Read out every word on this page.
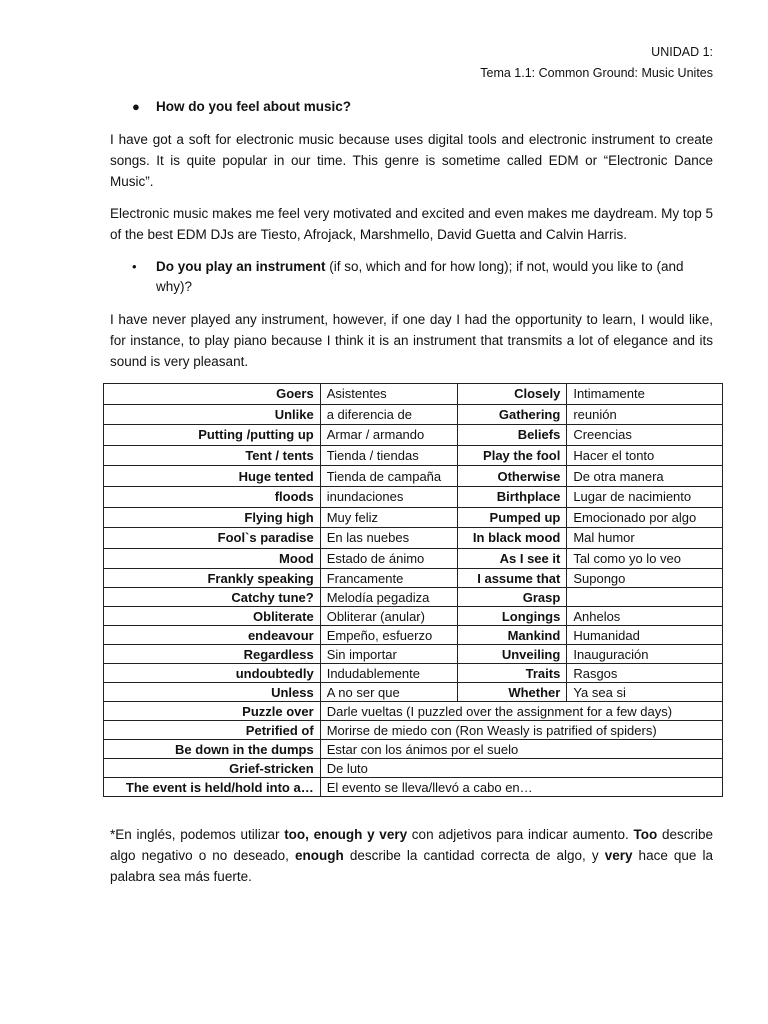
UNIDAD 1:
Tema 1.1: Common Ground: Music Unites
● How do you feel about music?

I have got a soft for electronic music because uses digital tools and electronic instrument to create songs. It is quite popular in our time. This genre is sometime called EDM or “Electronic Dance Music”.

Electronic music makes me feel very motivated and excited and even makes me daydream. My top 5 of the best EDM DJs are Tiesto, Afrojack, Marshmello, David Guetta and Calvin Harris.

• Do you play an instrument (if so, which and for how long); if not, would you like to (and why)?

I have never played any instrument, however, if one day I had the opportunity to learn, I would like, for instance, to play piano because I think it is an instrument that transmits a lot of elegance and its sound is very pleasant.

Goers	Asistentes	Closely	Intimamente
Unlike	a diferencia de	Gathering	reunión
Putting /putting up	Armar / armando	Beliefs	Creencias
Tent / tents	Tienda / tiendas	Play the fool	Hacer el tonto
Huge tented	Tienda de campaña	Otherwise	De otra manera
floods	inundaciones	Birthplace	Lugar de nacimiento
Flying high	Muy feliz	Pumped up	Emocionado por algo
Fool`s paradise	En las nuebes	In black mood	Mal humor
Mood	Estado de ánimo	As I see it	Tal como yo lo veo
Frankly speaking	Francamente	I assume that	Supongo
Catchy tune?	Melodía pegadiza	Grasp	
Obliterate	Obliterar (anular)	Longings	Anhelos
endeavour	Empeño, esfuerzo	Mankind	Humanidad
Regardless	Sin importar	Unveiling	Inauguración
undoubtedly	Indudablemente	Traits	Rasgos
Unless	A no ser que	Whether	Ya sea si
Puzzle over	Darle vueltas (I puzzled over the assignment for a few days)		
Petrified of	Morirse de miedo con (Ron Weasly is patrified of spiders)		
Be down in the dumps	Estar con los ánimos por el suelo		
Grief-stricken	De luto		
The event is held/hold into a…	El evento se lleva/llevó a cabo en…		

*En inglés, podemos utilizar too, enough y very con adjetivos para indicar aumento. Too describe algo negativo o no deseado, enough describe la cantidad correcta de algo, y very hace que la palabra sea más fuerte.
